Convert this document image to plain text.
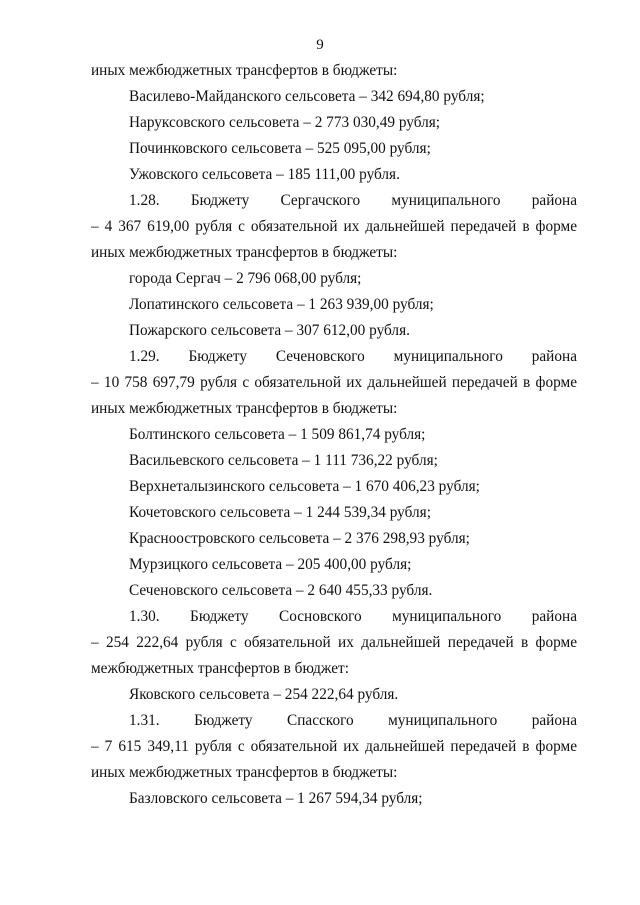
9
иных межбюджетных трансфертов в бюджеты:
Василево-Майданского сельсовета – 342 694,80 рубля;
Наруксовского сельсовета – 2 773 030,49 рубля;
Починковского сельсовета – 525 095,00 рубля;
Ужовского сельсовета – 185 111,00 рубля.
1.28. Бюджету Сергачского муниципального района
– 4 367 619,00 рубля с обязательной их дальнейшей передачей в форме
иных межбюджетных трансфертов в бюджеты:
города Сергач – 2 796 068,00 рубля;
Лопатинского сельсовета – 1 263 939,00 рубля;
Пожарского сельсовета – 307 612,00 рубля.
1.29. Бюджету Сеченовского муниципального района
– 10 758 697,79 рубля с обязательной их дальнейшей передачей в форме
иных межбюджетных трансфертов в бюджеты:
Болтинского сельсовета – 1 509 861,74 рубля;
Васильевского сельсовета – 1 111 736,22 рубля;
Верхнеталызинского сельсовета – 1 670 406,23 рубля;
Кочетовского сельсовета – 1 244 539,34 рубля;
Красноостровского сельсовета – 2 376 298,93 рубля;
Мурзицкого сельсовета – 205 400,00 рубля;
Сеченовского сельсовета – 2 640 455,33 рубля.
1.30. Бюджету Сосновского муниципального района
– 254 222,64 рубля с обязательной их дальнейшей передачей в форме
межбюджетных трансфертов в бюджет:
Яковского сельсовета – 254 222,64 рубля.
1.31. Бюджету Спасского муниципального района
– 7 615 349,11 рубля с обязательной их дальнейшей передачей в форме
иных межбюджетных трансфертов в бюджеты:
Базловского сельсовета – 1 267 594,34 рубля;
